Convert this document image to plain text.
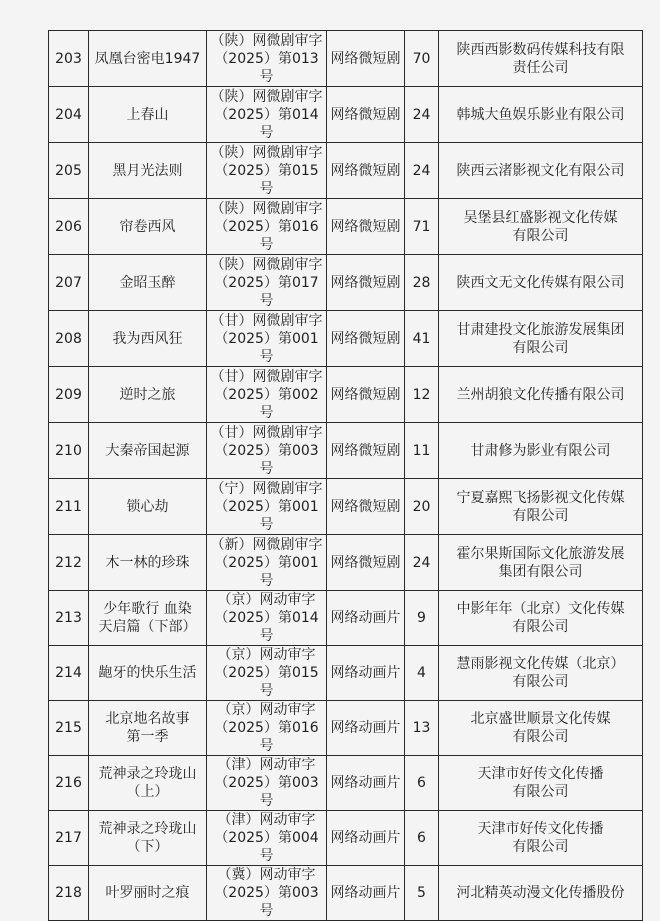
203	凤凰台密电1947	（陕）网微剧审字
（2025）第013号	网络微短剧	70	陕西西影数码传媒科技有限
责任公司

204	上春山	（陕）网微剧审字
（2025）第014号	网络微短剧	24	韩城大鱼娱乐影业有限公司

205	黑月光法则	（陕）网微剧审字
（2025）第015号	网络微短剧	24	陕西云渚影视文化有限公司

206	帘卷西风	（陕）网微剧审字
（2025）第016号	网络微短剧	71	吴堡县红盛影视文化传媒
有限公司

207	金昭玉醉	（陕）网微剧审字
（2025）第017号	网络微短剧	28	陕西文无文化传媒有限公司

208	我为西风狂	（甘）网微剧审字
（2025）第001号	网络微短剧	41	甘肃建投文化旅游发展集团
有限公司

209	逆时之旅	（甘）网微剧审字
（2025）第002号	网络微短剧	12	兰州胡狼文化传播有限公司

210	大秦帝国起源	（甘）网微剧审字
（2025）第003号	网络微短剧	11	甘肃修为影业有限公司

211	锁心劫	（宁）网微剧审字
（2025）第001号	网络微短剧	20	宁夏嘉熙飞扬影视文化传媒
有限公司

212	木一林的珍珠	（新）网微剧审字
（2025）第001号	网络微短剧	24	霍尔果斯国际文化旅游发展
集团有限公司

213	少年歌行 血染
天启篇（下部）	（京）网动审字
（2025）第014号	网络动画片	9	中影年年（北京）文化传媒
有限公司

214	龅牙的快乐生活	（京）网动审字
（2025）第015号	网络动画片	4	慧雨影视文化传媒（北京）
有限公司

215	北京地名故事
第一季	（京）网动审字
（2025）第016号	网络动画片	13	北京盛世顺景文化传媒
有限公司

216	荒神录之玲珑山
（上）	（津）网动审字
（2025）第003号	网络动画片	6	天津市好传文化传播
有限公司

217	荒神录之玲珑山
（下）	（津）网动审字
（2025）第004号	网络动画片	6	天津市好传文化传播
有限公司

218	叶罗丽时之痕	（冀）网动审字
（2025）第003号	网络动画片	5	河北精英动漫文化传播股份
